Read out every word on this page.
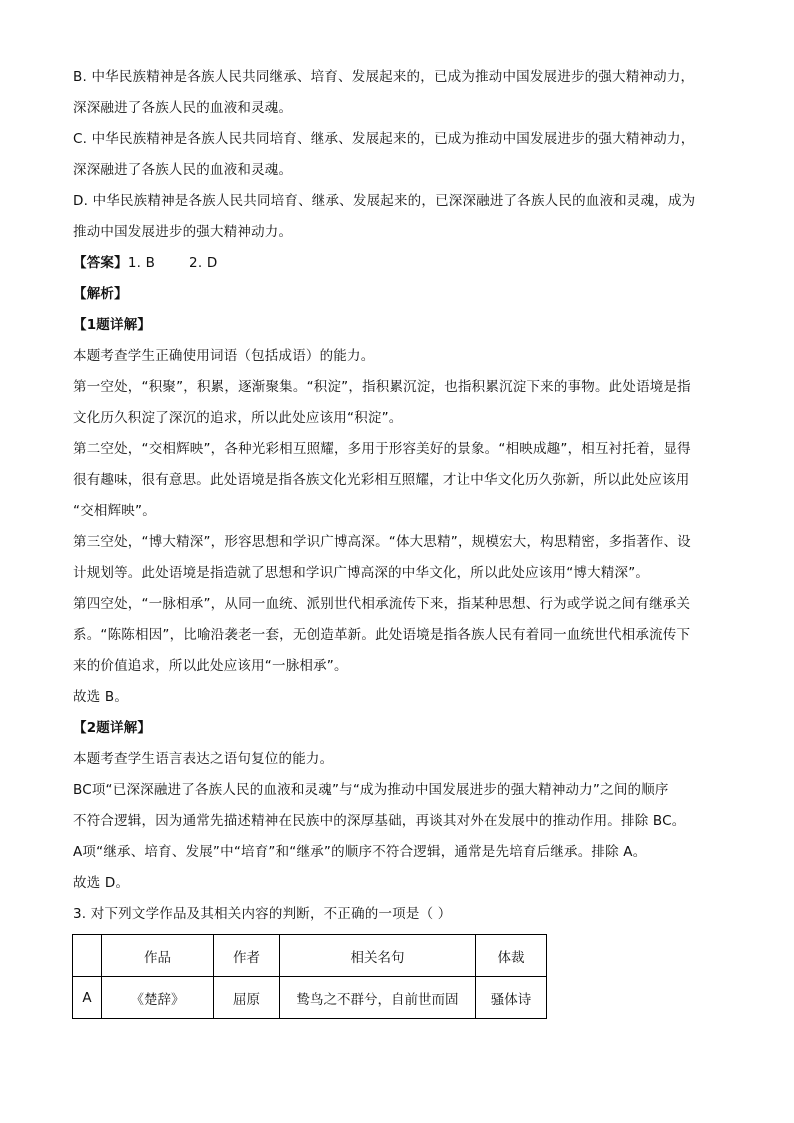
B. 中华民族精神是各族人民共同继承、培育、发展起来的，已成为推动中国发展进步的强大精神动力，
深深融进了各族人民的血液和灵魂。
C. 中华民族精神是各族人民共同培育、继承、发展起来的，已成为推动中国发展进步的强大精神动力，
深深融进了各族人民的血液和灵魂。
D. 中华民族精神是各族人民共同培育、继承、发展起来的，已深深融进了各族人民的血液和灵魂，成为
推动中国发展进步的强大精神动力。
【答案】1. B	2. D
【解析】
【1题详解】
本题考查学生正确使用词语（包括成语）的能力。
第一空处，“积聚”，积累，逐渐聚集。“积淀”，指积累沉淀，也指积累沉淀下来的事物。此处语境是指
文化历久积淀了深沉的追求，所以此处应该用“积淀”。
第二空处，“交相辉映”，各种光彩相互照耀，多用于形容美好的景象。“相映成趣”，相互衬托着，显得
很有趣味，很有意思。此处语境是指各族文化光彩相互照耀，才让中华文化历久弥新，所以此处应该用
“交相辉映”。
第三空处，“博大精深”，形容思想和学识广博高深。“体大思精”，规模宏大，构思精密，多指著作、设
计规划等。此处语境是指造就了思想和学识广博高深的中华文化，所以此处应该用“博大精深”。
第四空处，“一脉相承”，从同一血统、派别世代相承流传下来，指某种思想、行为或学说之间有继承关
系。“陈陈相因”，比喻沿袭老一套，无创造革新。此处语境是指各族人民有着同一血统世代相承流传下
来的价值追求，所以此处应该用“一脉相承”。
故选 B。
【2题详解】
本题考查学生语言表达之语句复位的能力。
BC项“已深深融进了各族人民的血液和灵魂”与“成为推动中国发展进步的强大精神动力”之间的顺序
不符合逻辑，因为通常先描述精神在民族中的深厚基础，再谈其对外在发展中的推动作用。排除 BC。
A项“继承、培育、发展”中“培育”和“继承”的顺序不符合逻辑，通常是先培育后继承。排除 A。
故选 D。
3. 对下列文学作品及其相关内容的判断，不正确的一项是（ ）
	作品	作者	相关名句	体裁
A	《楚辞》	屈原	鸷鸟之不群兮，自前世而固	骚体诗
